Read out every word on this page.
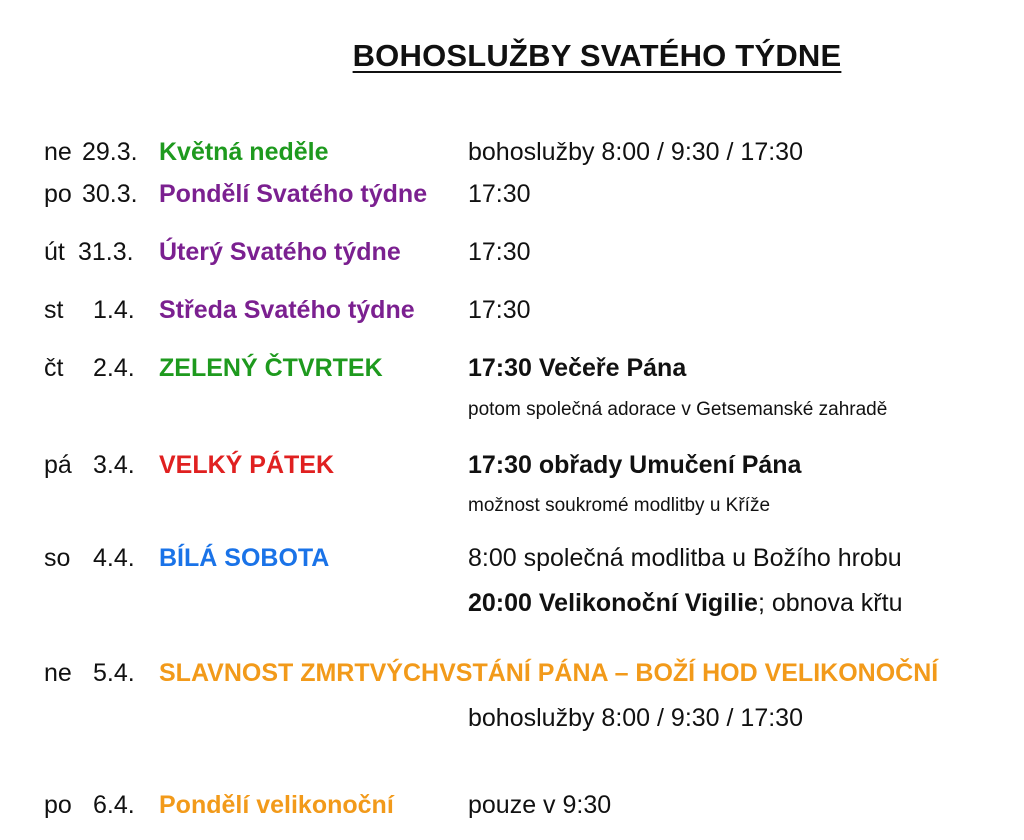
BOHOSLUŽBY SVATÉHO TÝDNE
ne 29.3. Květná neděle	bohoslužby 8:00 / 9:30 / 17:30
po 30.3. Pondělí Svatého týdne 17:30
út 31.3. Úterý Svatého týdne	17:30
st 1.4. Středa Svatého týdne 17:30
čt 2.4. ZELENÝ ČTVRTEK	17:30 Večeře Pána
potom společná adorace v Getsemanské zahradě
pá 3.4. VELKÝ PÁTEK	17:30 obřady Umučení Pána
možnost soukromé modlitby u Kříže
so 4.4. BÍLÁ SOBOTA	8:00 společná modlitba u Božího hrobu
20:00 Velikonoční Vigilie; obnova křtu
ne 5.4. SLAVNOST ZMRTVÝCHVSTÁNÍ PÁNA – BOŽÍ HOD VELIKONOČNÍ
bohoslužby 8:00 / 9:30 / 17:30
po 6.4. Pondělí velikonoční	pouze v 9:30
